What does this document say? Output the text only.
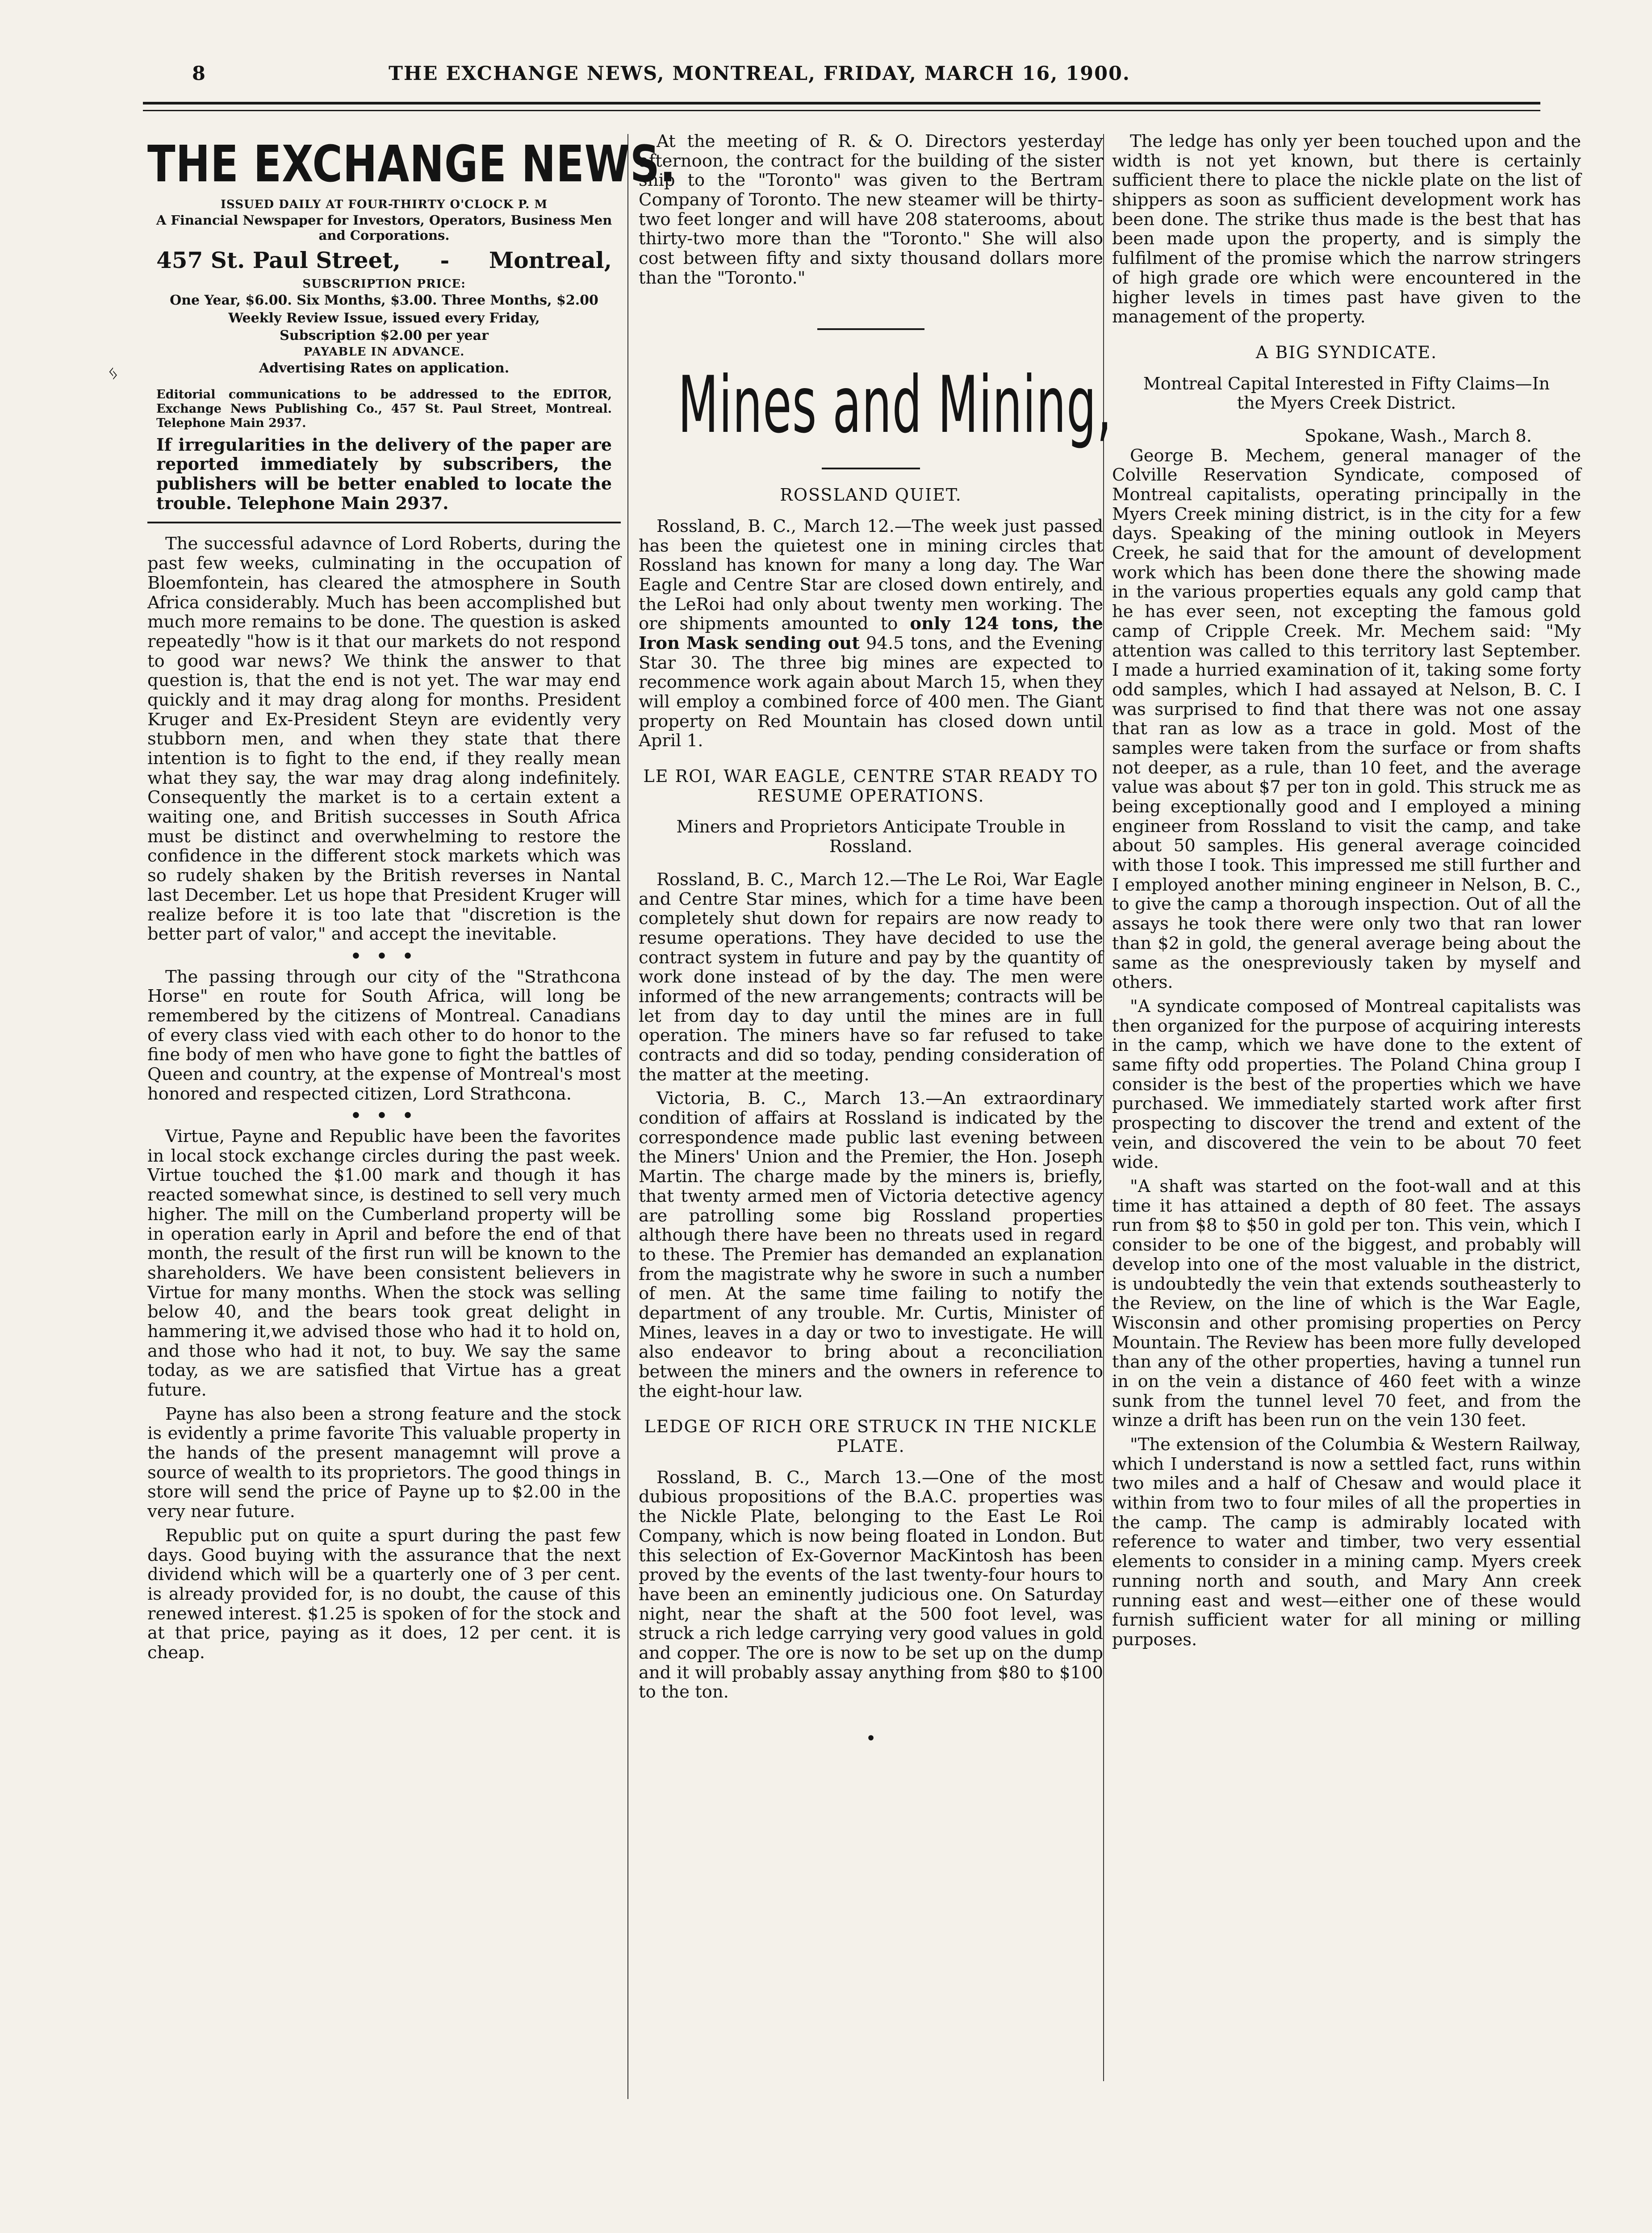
8	THE EXCHANGE NEWS, MONTREAL, FRIDAY, MARCH 16, 1900.
ᛃ
THE EXCHANGE NEWS.
ISSUED DAILY AT FOUR-THIRTY O'CLOCK P. M
A Financial Newspaper for Investors, Operators, Business Men and Corporations.
457 St. Paul Street, - Montreal,
SUBSCRIPTION PRICE:
One Year, $6.00. Six Months, $3.00. Three Months, $2.00
Weekly Review Issue, issued every Friday,
Subscription $2.00 per year
PAYABLE IN ADVANCE.
Advertising Rates on application.
Editorial communications to be addressed to the EDITOR, Exchange News Publishing Co., 457 St. Paul Street, Montreal. Telephone Main 2937.
If irregularities in the delivery of the paper are reported immediately by subscribers, the publishers will be better enabled to locate the trouble. Telephone Main 2937.

The successful adavnce of Lord Roberts, during the past few weeks, culminating in the occupation of Bloemfontein, has cleared the atmosphere in South Africa considerably. Much has been accomplished but much more remains to be done. The question is asked repeatedly "how is it that our markets do not respond to good war news? We think the answer to that question is, that the end is not yet. The war may end quickly and it may drag along for months. President Kruger and Ex-President Steyn are evidently very stubborn men, and when they state that there intention is to fight to the end, if they really mean what they say, the war may drag along indefinitely. Consequently the market is to a certain extent a waiting one, and British successes in South Africa must be distinct and overwhelming to restore the confidence in the different stock markets which was so rudely shaken by the British reverses in Nantal last December. Let us hope that President Kruger will realize before it is too late that "discretion is the better part of valor," and accept the inevitable.

• • •

The passing through our city of the "Strathcona Horse" en route for South Africa, will long be remembered by the citizens of Montreal. Canadians of every class vied with each other to do honor to the fine body of men who have gone to fight the battles of Queen and country, at the expense of Montreal's most honored and respected citizen, Lord Strathcona.

• • •

Virtue, Payne and Republic have been the favorites in local stock exchange circles during the past week. Virtue touched the $1.00 mark and though it has reacted somewhat since, is destined to sell very much higher. The mill on the Cumberland property will be in operation early in April and before the end of that month, the result of the first run will be known to the shareholders. We have been consistent believers in Virtue for many months. When the stock was selling below 40, and the bears took great delight in hammering it,we advised those who had it to hold on, and those who had it not, to buy. We say the same today, as we are satisfied that Virtue has a great future.

Payne has also been a strong feature and the stock is evidently a prime favorite This valuable property in the hands of the present managemnt will prove a source of wealth to its proprietors. The good things in store will send the price of Payne up to $2.00 in the very near future.

Republic put on quite a spurt during the past few days. Good buying with the assurance that the next dividend which will be a quarterly one of 3 per cent. is already provided for, is no doubt, the cause of this renewed interest. $1.25 is spoken of for the stock and at that price, paying as it does, 12 per cent. it is cheap.

At the meeting of R. & O. Directors yesterday afternoon, the contract for the building of the sister ship to the "Toronto" was given to the Bertram Company of Toronto. The new steamer will be thirty-two feet longer and will have 208 staterooms, about thirty-two more than the "Toronto." She will also cost between fifty and sixty thousand dollars more than the "Toronto."

Mines and Mining,
ROSSLAND QUIET.

Rossland, B. C., March 12.—The week just passed has been the quietest one in mining circles that Rossland has known for many a long day. The War Eagle and Centre Star are closed down entirely, and the LeRoi had only about twenty men working. The ore shipments amounted to only 124 tons, the Iron Mask sending out 94.5 tons, and the Evening Star 30. The three big mines are expected to recommence work again about March 15, when they will employ a combined force of 400 men. The Giant property on Red Mountain has closed down until April 1.

LE ROI, WAR EAGLE, CENTRE STAR READY TO RESUME OPERATIONS.
Miners and Proprietors Anticipate Trouble in Rossland.

Rossland, B. C., March 12.—The Le Roi, War Eagle and Centre Star mines, which for a time have been completely shut down for repairs are now ready to resume operations. They have decided to use the contract system in future and pay by the quantity of work done instead of by the day. The men were informed of the new arrangements; contracts will be let from day to day until the mines are in full operation. The miners have so far refused to take contracts and did so today, pending consideration of the matter at the meeting.

Victoria, B. C., March 13.—An extraordinary condition of affairs at Rossland is indicated by the correspondence made public last evening between the Miners' Union and the Premier, the Hon. Joseph Martin. The charge made by the miners is, briefly, that twenty armed men of Victoria detective agency are patrolling some big Rossland properties although there have been no threats used in regard to these. The Premier has demanded an explanation from the magistrate why he swore in such a number of men. At the same time failing to notify the department of any trouble. Mr. Curtis, Minister of Mines, leaves in a day or two to investigate. He will also endeavor to bring about a reconciliation between the miners and the owners in reference to the eight-hour law.

LEDGE OF RICH ORE STRUCK IN THE NICKLE PLATE.

Rossland, B. C., March 13.—One of the most dubious propositions of the B.A.C. properties was the Nickle Plate, belonging to the East Le Roi Company, which is now being floated in London. But this selection of Ex-Governor MacKintosh has been proved by the events of the last twenty-four hours to have been an eminently judicious one. On Saturday night, near the shaft at the 500 foot level, was struck a rich ledge carrying very good values in gold and copper. The ore is now to be set up on the dump and it will probably assay anything from $80 to $100 to the ton.

•

The ledge has only yer been touched upon and the width is not yet known, but there is certainly sufficient there to place the nickle plate on the list of shippers as soon as sufficient development work has been done. The strike thus made is the best that has been made upon the property, and is simply the fulfilment of the promise which the narrow stringers of high grade ore which were encountered in the higher levels in times past have given to the management of the property.

A BIG SYNDICATE.
Montreal Capital Interested in Fifty Claims—In the Myers Creek District.
Spokane, Wash., March 8.

George B. Mechem, general manager of the Colville Reservation Syndicate, composed of Montreal capitalists, operating principally in the Myers Creek mining district, is in the city for a few days. Speaking of the mining outlook in Meyers Creek, he said that for the amount of development work which has been done there the showing made in the various properties equals any gold camp that he has ever seen, not excepting the famous gold camp of Cripple Creek. Mr. Mechem said: "My attention was called to this territory last September. I made a hurried examination of it, taking some forty odd samples, which I had assayed at Nelson, B. C. I was surprised to find that there was not one assay that ran as low as a trace in gold. Most of the samples were taken from the surface or from shafts not deeper, as a rule, than 10 feet, and the average value was about $7 per ton in gold. This struck me as being exceptionally good and I employed a mining engineer from Rossland to visit the camp, and take about 50 samples. His general average coincided with those I took. This impressed me still further and I employed another mining engineer in Nelson, B. C., to give the camp a thorough inspection. Out of all the assays he took there were only two that ran lower than $2 in gold, the general average being about the same as the onespreviously taken by myself and others.

"A syndicate composed of Montreal capitalists was then organized for the purpose of acquiring interests in the camp, which we have done to the extent of same fifty odd properties. The Poland China group I consider is the best of the properties which we have purchased. We immediately started work after first prospecting to discover the trend and extent of the vein, and discovered the vein to be about 70 feet wide.

"A shaft was started on the foot-wall and at this time it has attained a depth of 80 feet. The assays run from $8 to $50 in gold per ton. This vein, which I consider to be one of the biggest, and probably will develop into one of the most valuable in the district, is undoubtedly the vein that extends southeasterly to the Review, on the line of which is the War Eagle, Wisconsin and other promising properties on Percy Mountain. The Review has been more fully developed than any of the other properties, having a tunnel run in on the vein a distance of 460 feet with a winze sunk from the tunnel level 70 feet, and from the winze a drift has been run on the vein 130 feet.

"The extension of the Columbia & Western Railway, which I understand is now a settled fact, runs within two miles and a half of Chesaw and would place it within from two to four miles of all the properties in the camp. The camp is admirably located with reference to water and timber, two very essential elements to consider in a mining camp. Myers creek running north and south, and Mary Ann creek running east and west—either one of these would furnish sufficient water for all mining or milling purposes.
